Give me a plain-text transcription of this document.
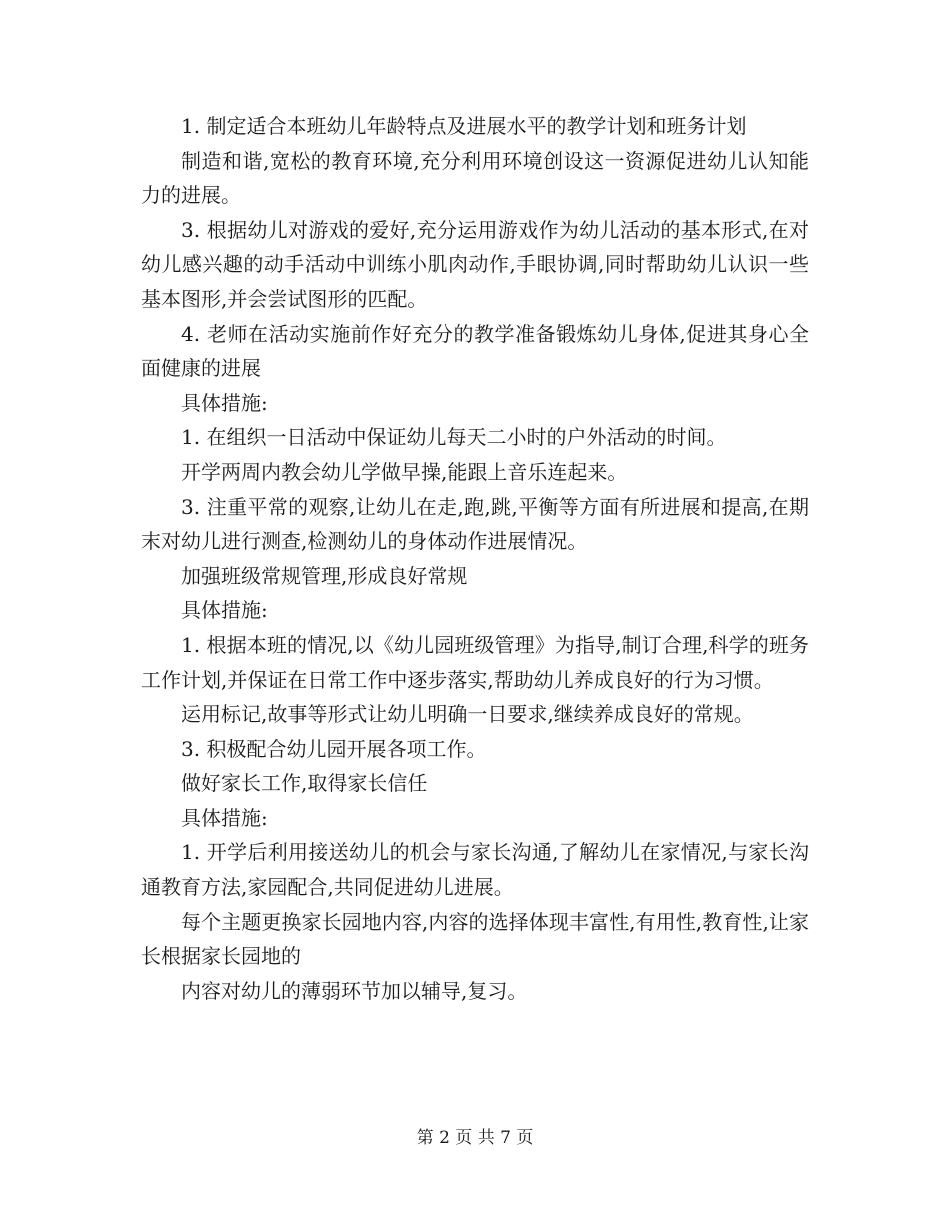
1. 制定适合本班幼儿年龄特点及进展水平的教学计划和班务计划

制造和谐,宽松的教育环境,充分利用环境创设这一资源促进幼儿认知能力的进展。

3. 根据幼儿对游戏的爱好,充分运用游戏作为幼儿活动的基本形式,在对幼儿感兴趣的动手活动中训练小肌肉动作,手眼协调,同时帮助幼儿认识一些基本图形,并会尝试图形的匹配。

4. 老师在活动实施前作好充分的教学准备锻炼幼儿身体,促进其身心全面健康的进展

具体措施:

1. 在组织一日活动中保证幼儿每天二小时的户外活动的时间。

开学两周内教会幼儿学做早操,能跟上音乐连起来。

3. 注重平常的观察,让幼儿在走,跑,跳,平衡等方面有所进展和提高,在期末对幼儿进行测查,检测幼儿的身体动作进展情况。

加强班级常规管理,形成良好常规

具体措施:

1. 根据本班的情况,以《幼儿园班级管理》为指导,制订合理,科学的班务工作计划,并保证在日常工作中逐步落实,帮助幼儿养成良好的行为习惯。

运用标记,故事等形式让幼儿明确一日要求,继续养成良好的常规。

3. 积极配合幼儿园开展各项工作。

做好家长工作,取得家长信任

具体措施:

1. 开学后利用接送幼儿的机会与家长沟通,了解幼儿在家情况,与家长沟通教育方法,家园配合,共同促进幼儿进展。

每个主题更换家长园地内容,内容的选择体现丰富性,有用性,教育性,让家长根据家长园地的

内容对幼儿的薄弱环节加以辅导,复习。

第 2 页 共 7 页
